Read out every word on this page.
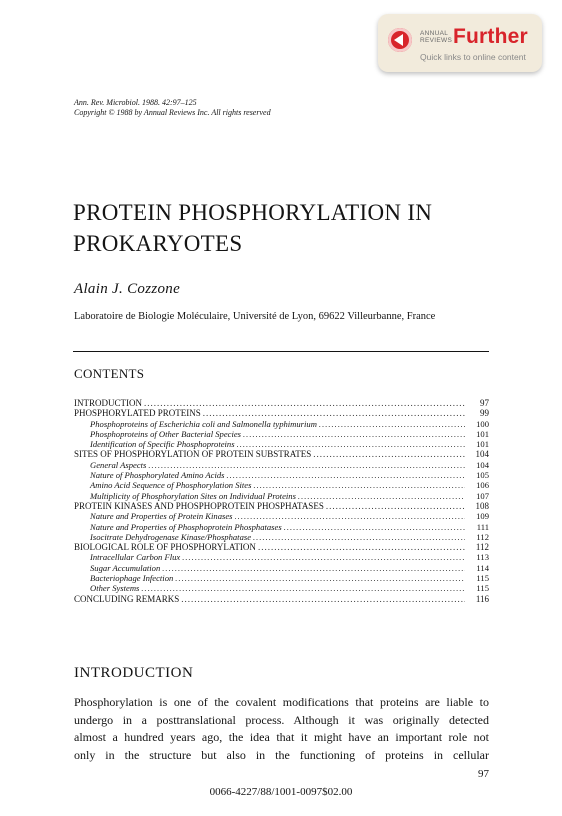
ANNUAL
REVIEWS Further
Quick links to online content
Ann. Rev. Microbiol. 1988. 42:97–125
Copyright © 1988 by Annual Reviews Inc. All rights reserved
PROTEIN PHOSPHORYLATION IN
PROKARYOTES
Alain J. Cozzone
Laboratoire de Biologie Moléculaire, Université de Lyon, 69622 Villeurbanne, France
CONTENTS
INTRODUCTION .....	97
PHOSPHORYLATED PROTEINS .....	99
Phosphoproteins of Escherichia coli and Salmonella typhimurium .....	100
Phosphoproteins of Other Bacterial Species .....	101
Identification of Specific Phosphoproteins .....	101
SITES OF PHOSPHORYLATION OF PROTEIN SUBSTRATES .....	104
General Aspects .....	104
Nature of Phosphorylated Amino Acids .....	105
Amino Acid Sequence of Phosphorylation Sites .....	106
Multiplicity of Phosphorylation Sites on Individual Proteins .....	107
PROTEIN KINASES AND PHOSPHOPROTEIN PHOSPHATASES .....	108
Nature and Properties of Protein Kinases .....	109
Nature and Properties of Phosphoprotein Phosphatases .....	111
Isocitrate Dehydrogenase Kinase/Phosphatase .....	112
BIOLOGICAL ROLE OF PHOSPHORYLATION .....	112
Intracellular Carbon Flux .....	113
Sugar Accumulation .....	114
Bacteriophage Infection .....	115
Other Systems .....	115
CONCLUDING REMARKS .....	116
INTRODUCTION
Phosphorylation is one of the covalent modifications that proteins are liable to
undergo in a posttranslational process. Although it was originally detected
almost a hundred years ago, the idea that it might have an important role not
only in the structure but also in the functioning of proteins in cellular
97
0066-4227/88/1001-0097$02.00
